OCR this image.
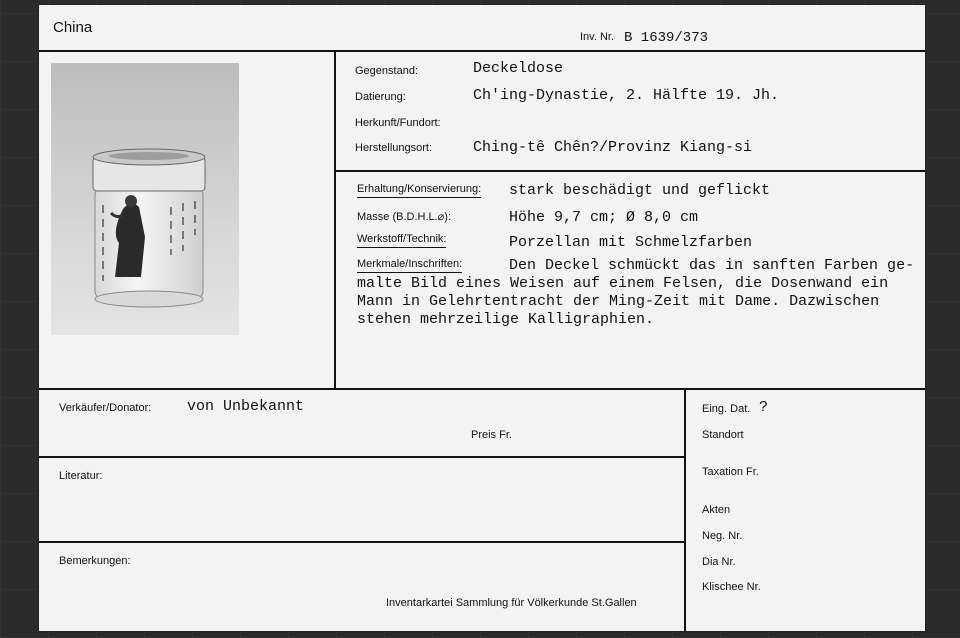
China
Inv. Nr. B 1639/373
Gegenstand:	Deckeldose
Datierung:	Ch'ing-Dynastie, 2. Hälfte 19. Jh.
Herkunft/Fundort:
Herstellungsort:	Ching-tê Chên?/Provinz Kiang-si
Erhaltung/Konservierung: stark beschädigt und geflickt
Masse (B.D.H.L.⌀):	Höhe 9,7 cm; Ø 8,0 cm
Werkstoff/Technik:	Porzellan mit Schmelzfarben
Merkmale/Inschriften:	Den Deckel schmückt das in sanften Farben ge-
malte Bild eines Weisen auf einem Felsen, die Dosenwand ein
Mann in Gelehrtentracht der Ming-Zeit mit Dame. Dazwischen
stehen mehrzeilige Kalligraphien.
Verkäufer/Donator: von Unbekannt
Preis Fr.
Literatur:
Bemerkungen:
Inventarkartei Sammlung für Völkerkunde St.Gallen
Eing. Dat. ?
Standort
Taxation Fr.
Akten
Neg. Nr.
Dia Nr.
Klischee Nr.
